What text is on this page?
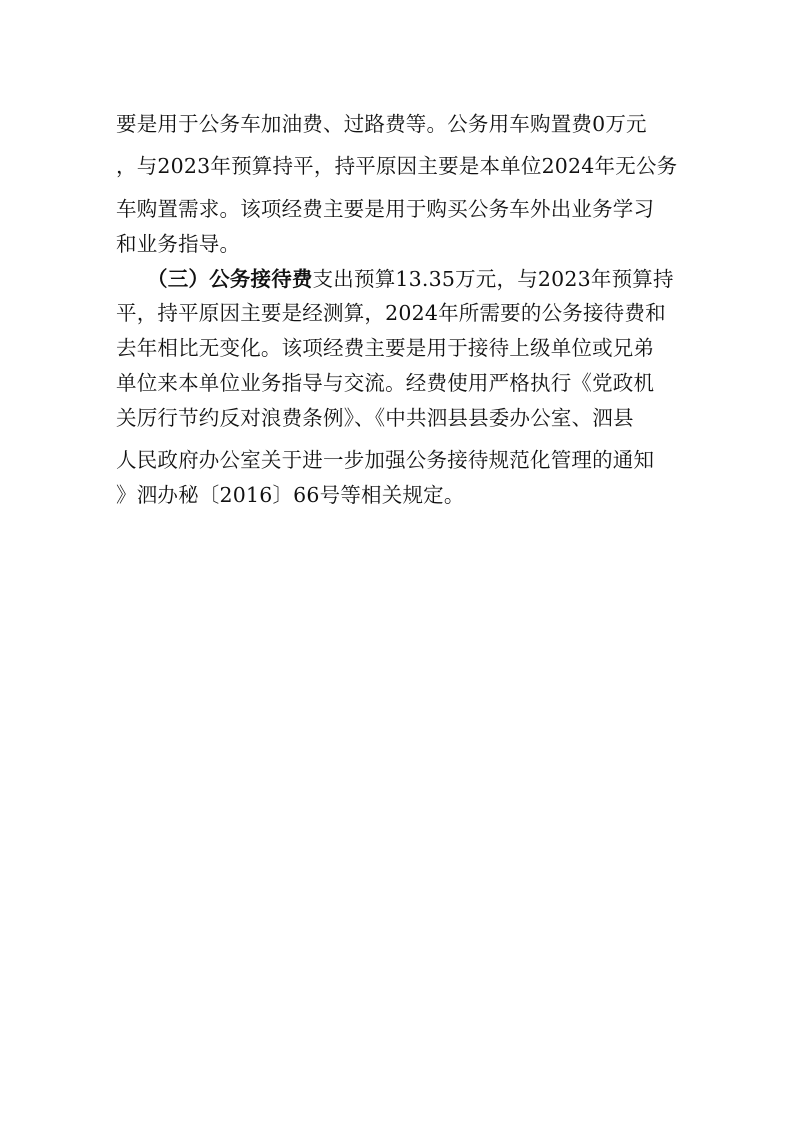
要是用于公务车加油费、过路费等。公务用车购置费0万元
，与2023年预算持平，持平原因主要是本单位2024年无公务
车购置需求。该项经费主要是用于购买公务车外出业务学习
和业务指导。
（三）公务接待费支出预算13.35万元，与2023年预算持
平，持平原因主要是经测算，2024年所需要的公务接待费和
去年相比无变化。该项经费主要是用于接待上级单位或兄弟
单位来本单位业务指导与交流。经费使用严格执行《党政机
关厉行节约反对浪费条例》、《中共泗县县委办公室、泗县
人民政府办公室关于进一步加强公务接待规范化管理的通知
》泗办秘〔2016〕66号等相关规定。
